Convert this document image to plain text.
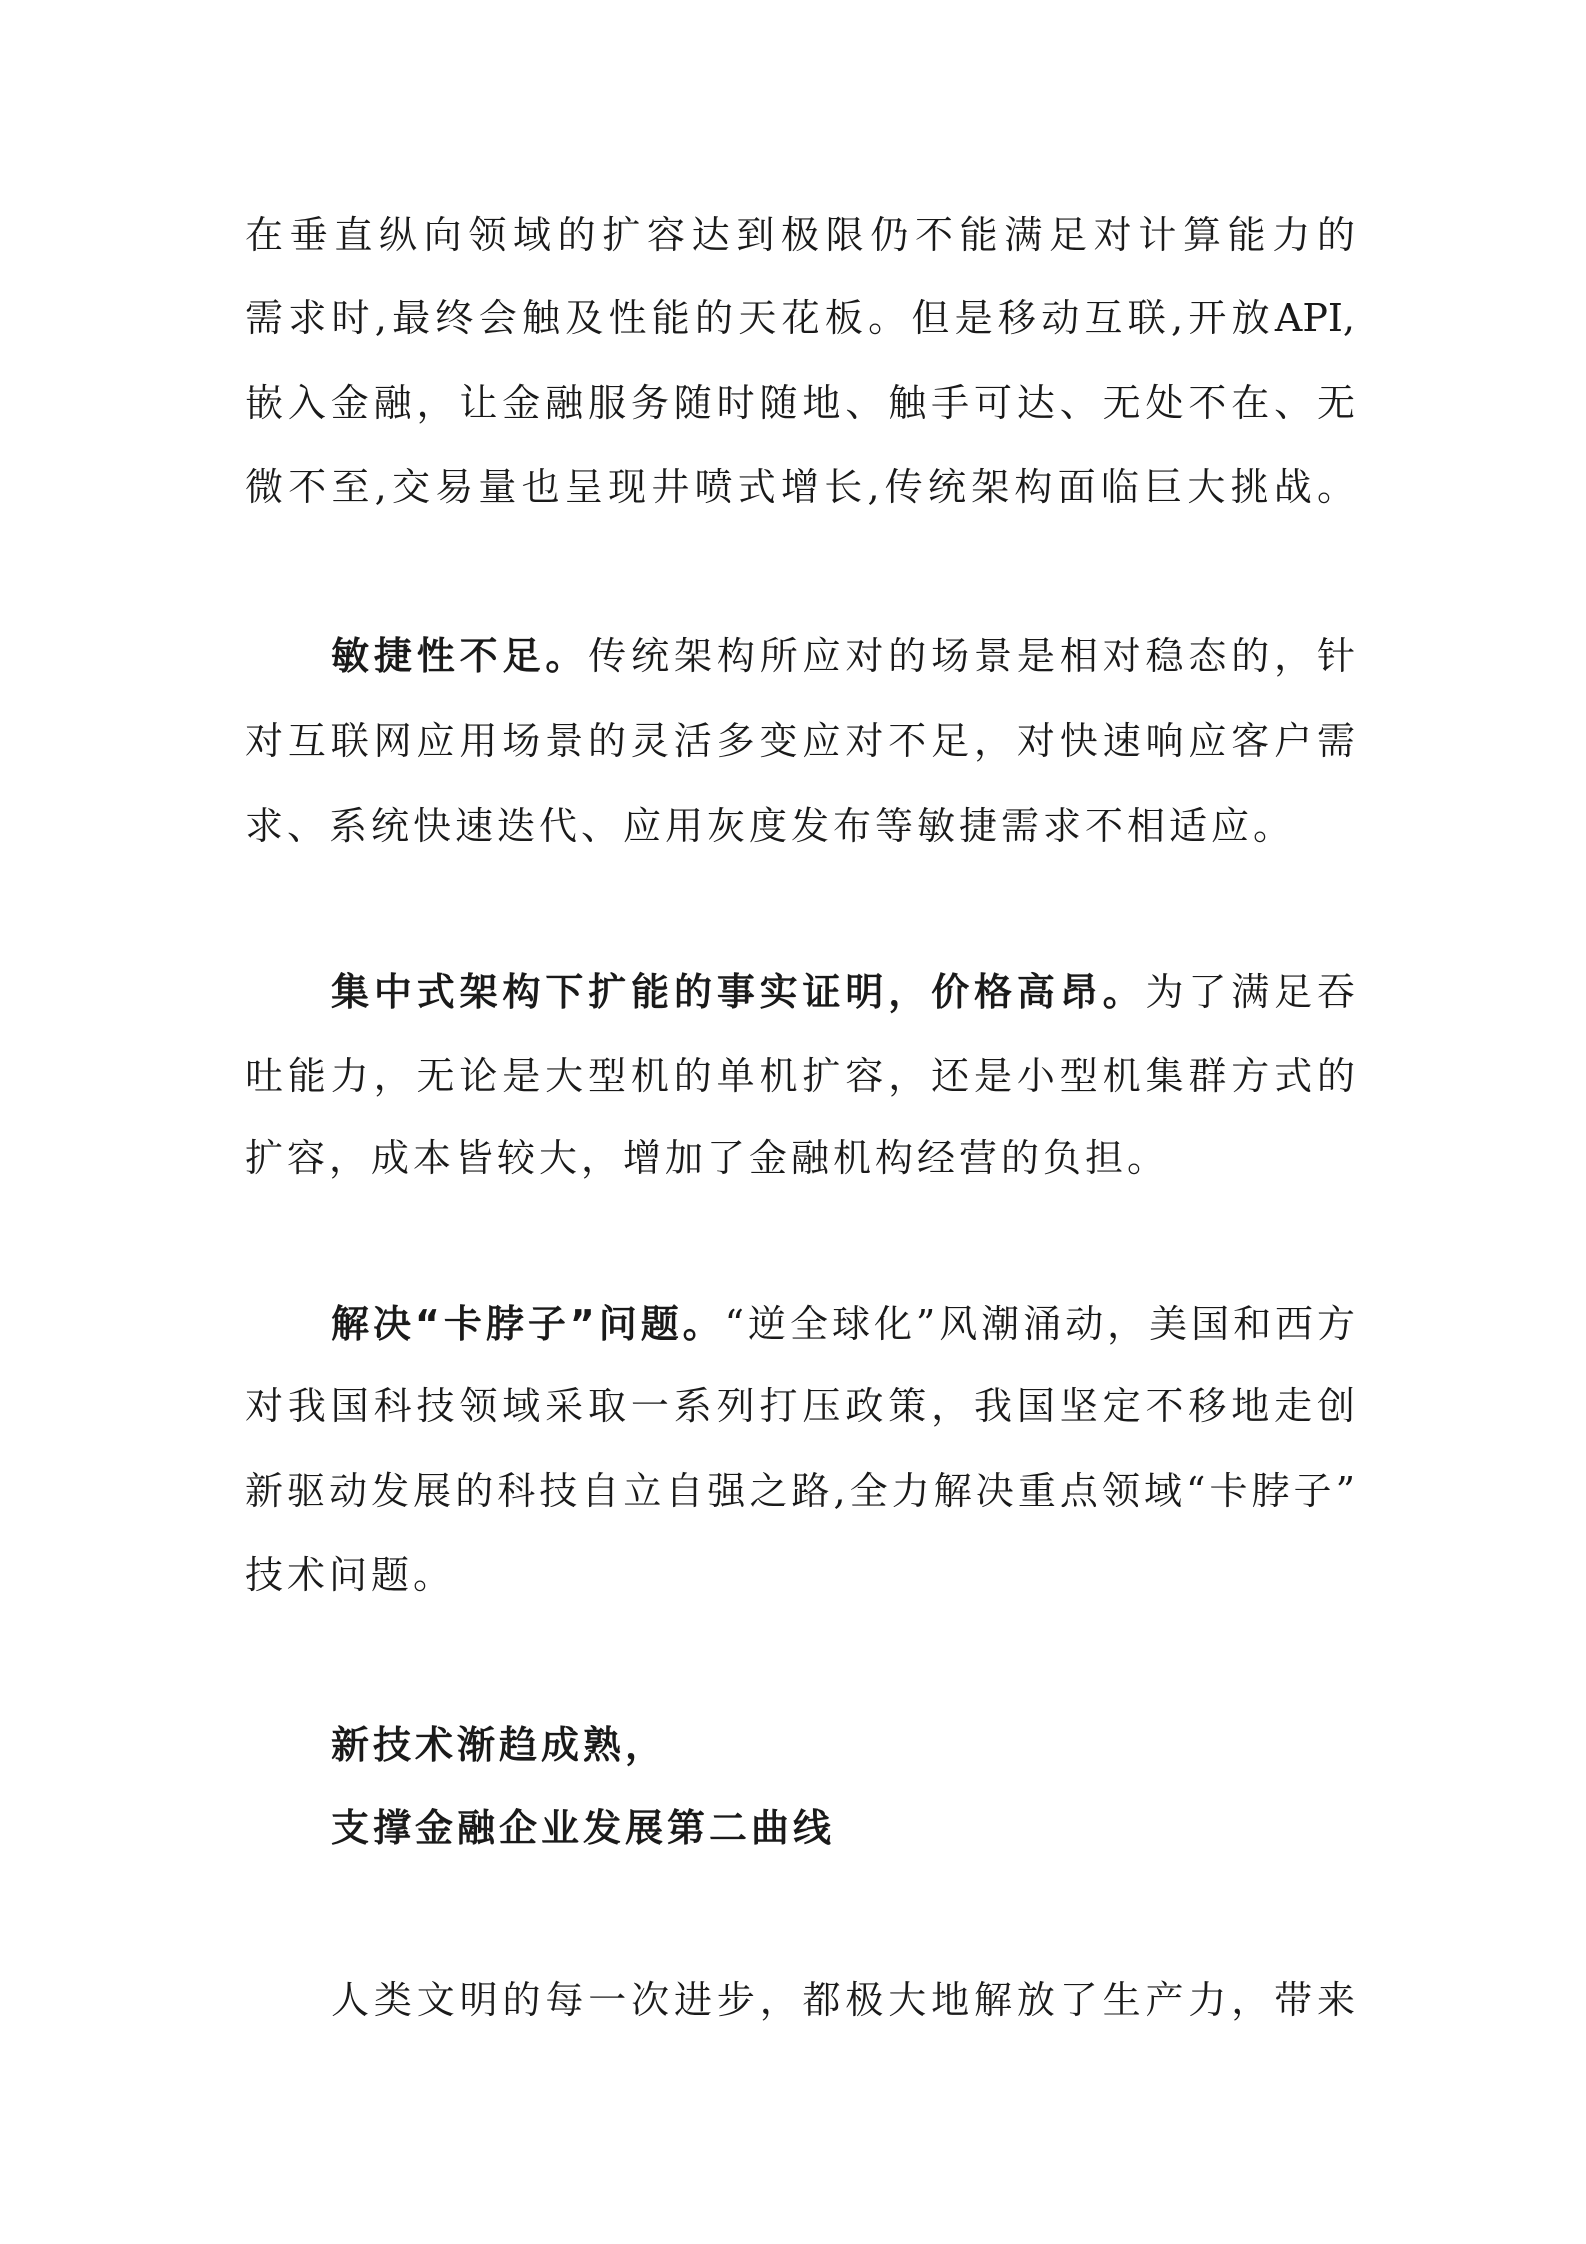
在垂直纵向领域的扩容达到极限仍不能满足对计算能力的
需求时,最终会触及性能的天花板。但是移动互联,开放API,
嵌入金融，让金融服务随时随地、触手可达、无处不在、无
微不至,交易量也呈现井喷式增长,传统架构面临巨大挑战。
敏捷性不足。传统架构所应对的场景是相对稳态的，针
对互联网应用场景的灵活多变应对不足，对快速响应客户需
求、系统快速迭代、应用灰度发布等敏捷需求不相适应。
集中式架构下扩能的事实证明，价格高昂。为了满足吞
吐能力，无论是大型机的单机扩容，还是小型机集群方式的
扩容，成本皆较大，增加了金融机构经营的负担。
解决“卡脖子”问题。“逆全球化”风潮涌动，美国和西方
对我国科技领域采取一系列打压政策，我国坚定不移地走创
新驱动发展的科技自立自强之路,全力解决重点领域“卡脖子”
技术问题。
新技术渐趋成熟，
支撑金融企业发展第二曲线
人类文明的每一次进步，都极大地解放了生产力，带来
